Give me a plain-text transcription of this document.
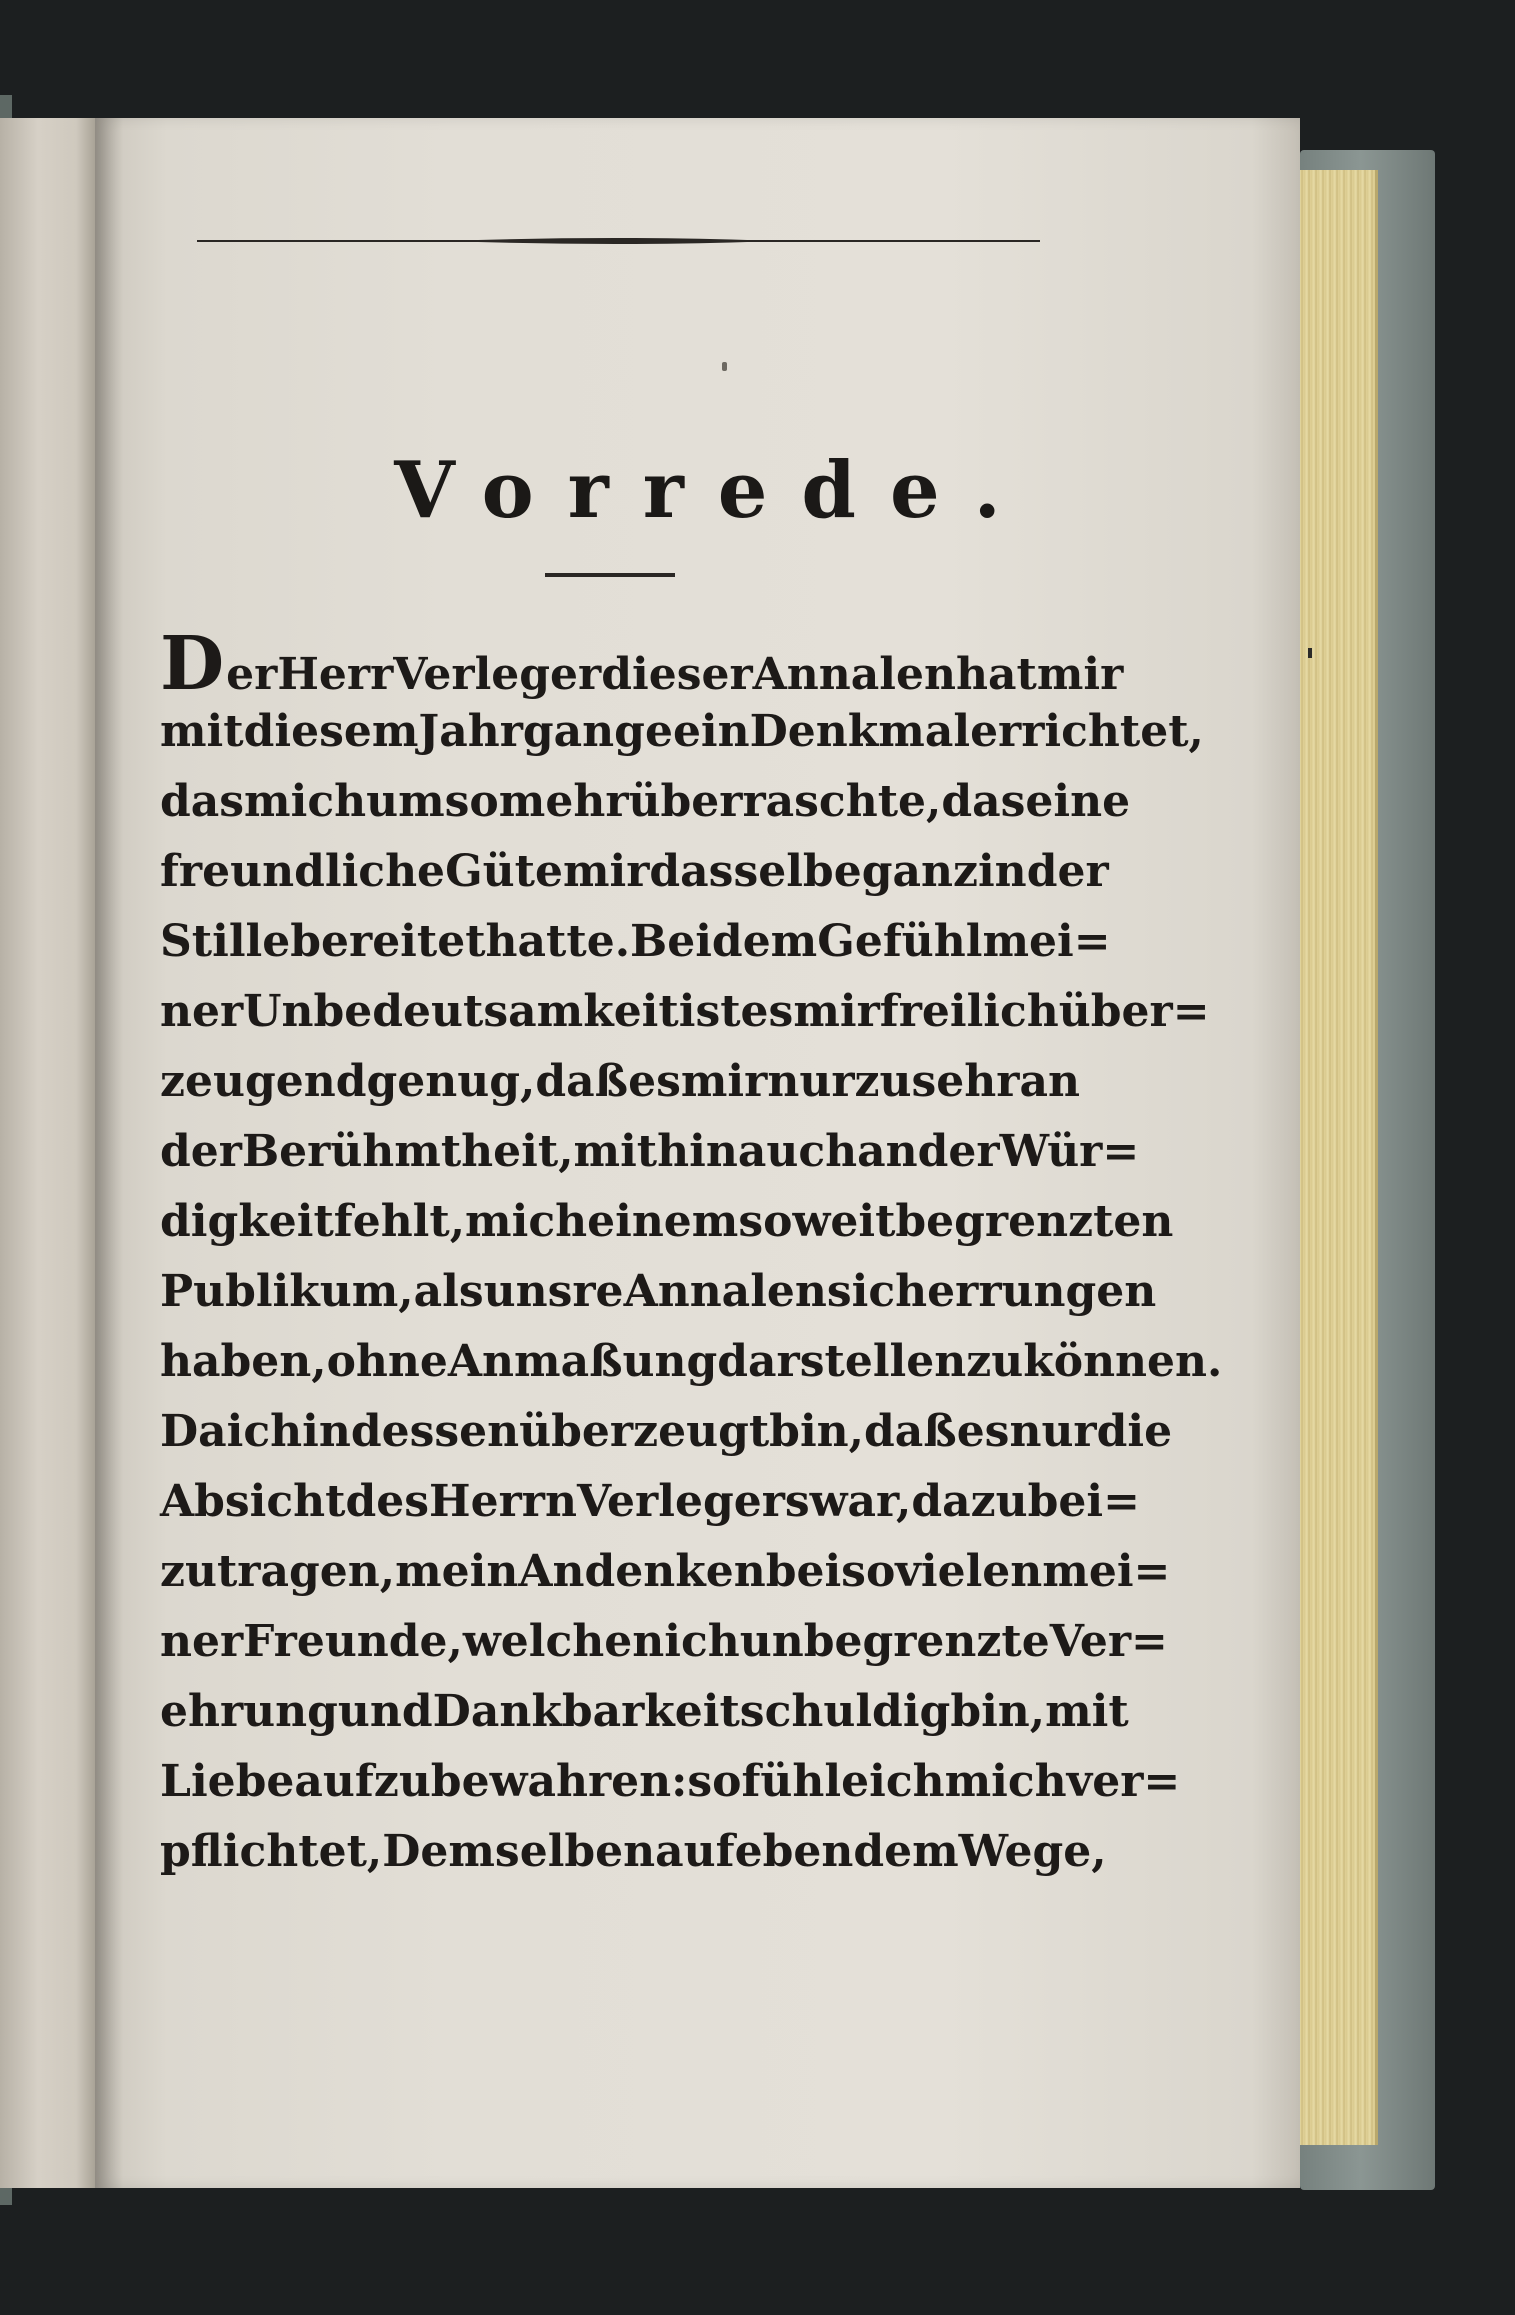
Vorrede.
D er Herr Verleger dieser Annalen hat mir
mit diesem Jahrgange ein Denkmal errichtet,
das mich um so mehr überraschte, da seine
freundliche Güte mir dasselbe ganz in der
Stille bereitet hatte. Bei dem Gefühl mei=
ner Unbedeutsamkeit ist es mir freilich über=
zeugend genug, daß es mir nur zu sehr an
der Berühmtheit, mithin auch an der Wür=
digkeit fehlt, mich einem so weit begrenzten
Publikum, als unsre Annalen sich errungen
haben, ohne Anmaßung darstellen zu können.
Da ich indessen überzeugt bin, daß es nur die
Absicht des Herrn Verlegers war, dazu bei=
zutragen, mein Andenken bei so vielen mei=
ner Freunde, welchen ich unbegrenzte Ver=
ehrung und Dankbarkeit schuldig bin, mit
Liebe aufzubewahren: so fühle ich mich ver=
pflichtet, Demselben auf eben dem Wege,
